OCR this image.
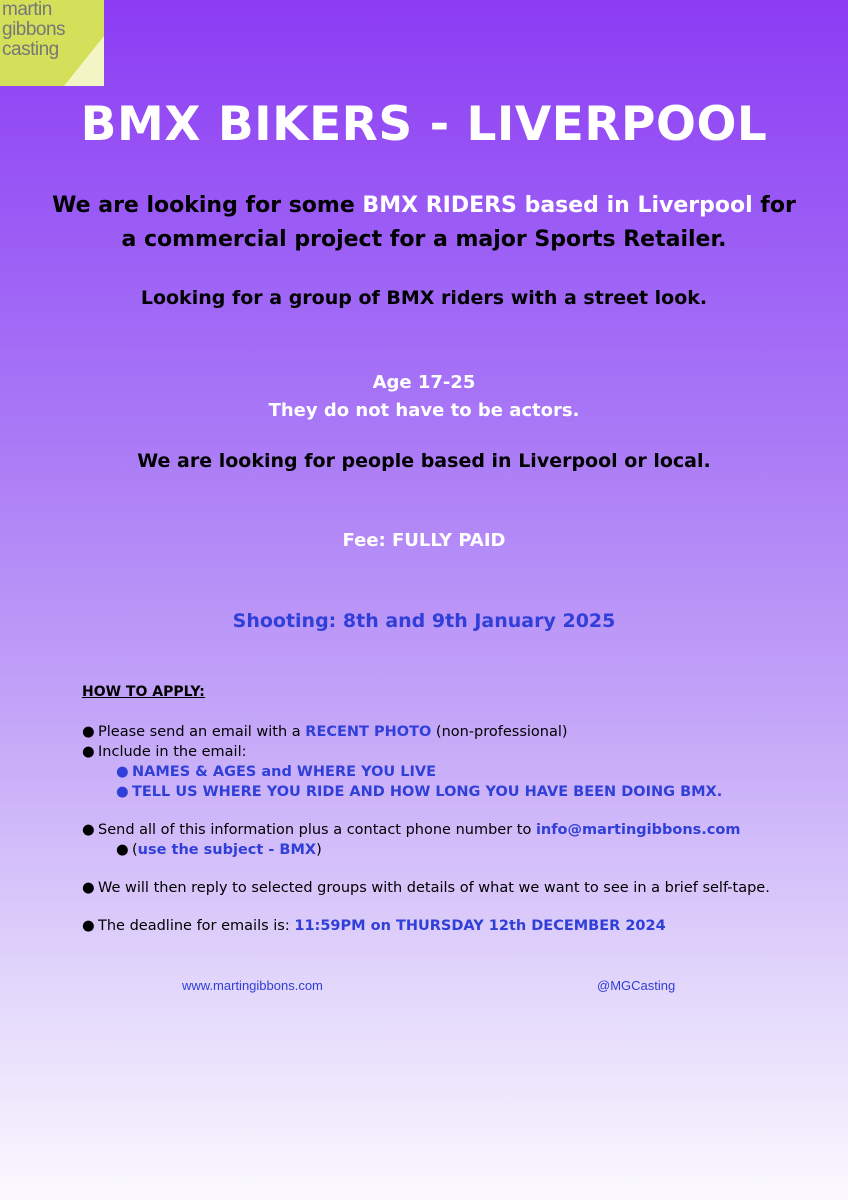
martin
gibbons
casting
BMX BIKERS - LIVERPOOL
We are looking for some BMX RIDERS based in Liverpool for
a commercial project for a major Sports Retailer.
Looking for a group of BMX riders with a street look.
Age 17-25
They do not have to be actors.
We are looking for people based in Liverpool or local.
Fee: FULLY PAID
Shooting: 8th and 9th January 2025
HOW TO APPLY:
● Please send an email with a RECENT PHOTO (non-professional)
● Include in the email:
● NAMES & AGES and WHERE YOU LIVE
● TELL US WHERE YOU RIDE AND HOW LONG YOU HAVE BEEN DOING BMX.
● Send all of this information plus a contact phone number to info@martingibbons.com
● (use the subject - BMX)
● We will then reply to selected groups with details of what we want to see in a brief self-tape.
● The deadline for emails is: 11:59PM on THURSDAY 12th DECEMBER 2024
www.martingibbons.com	@MGCasting
